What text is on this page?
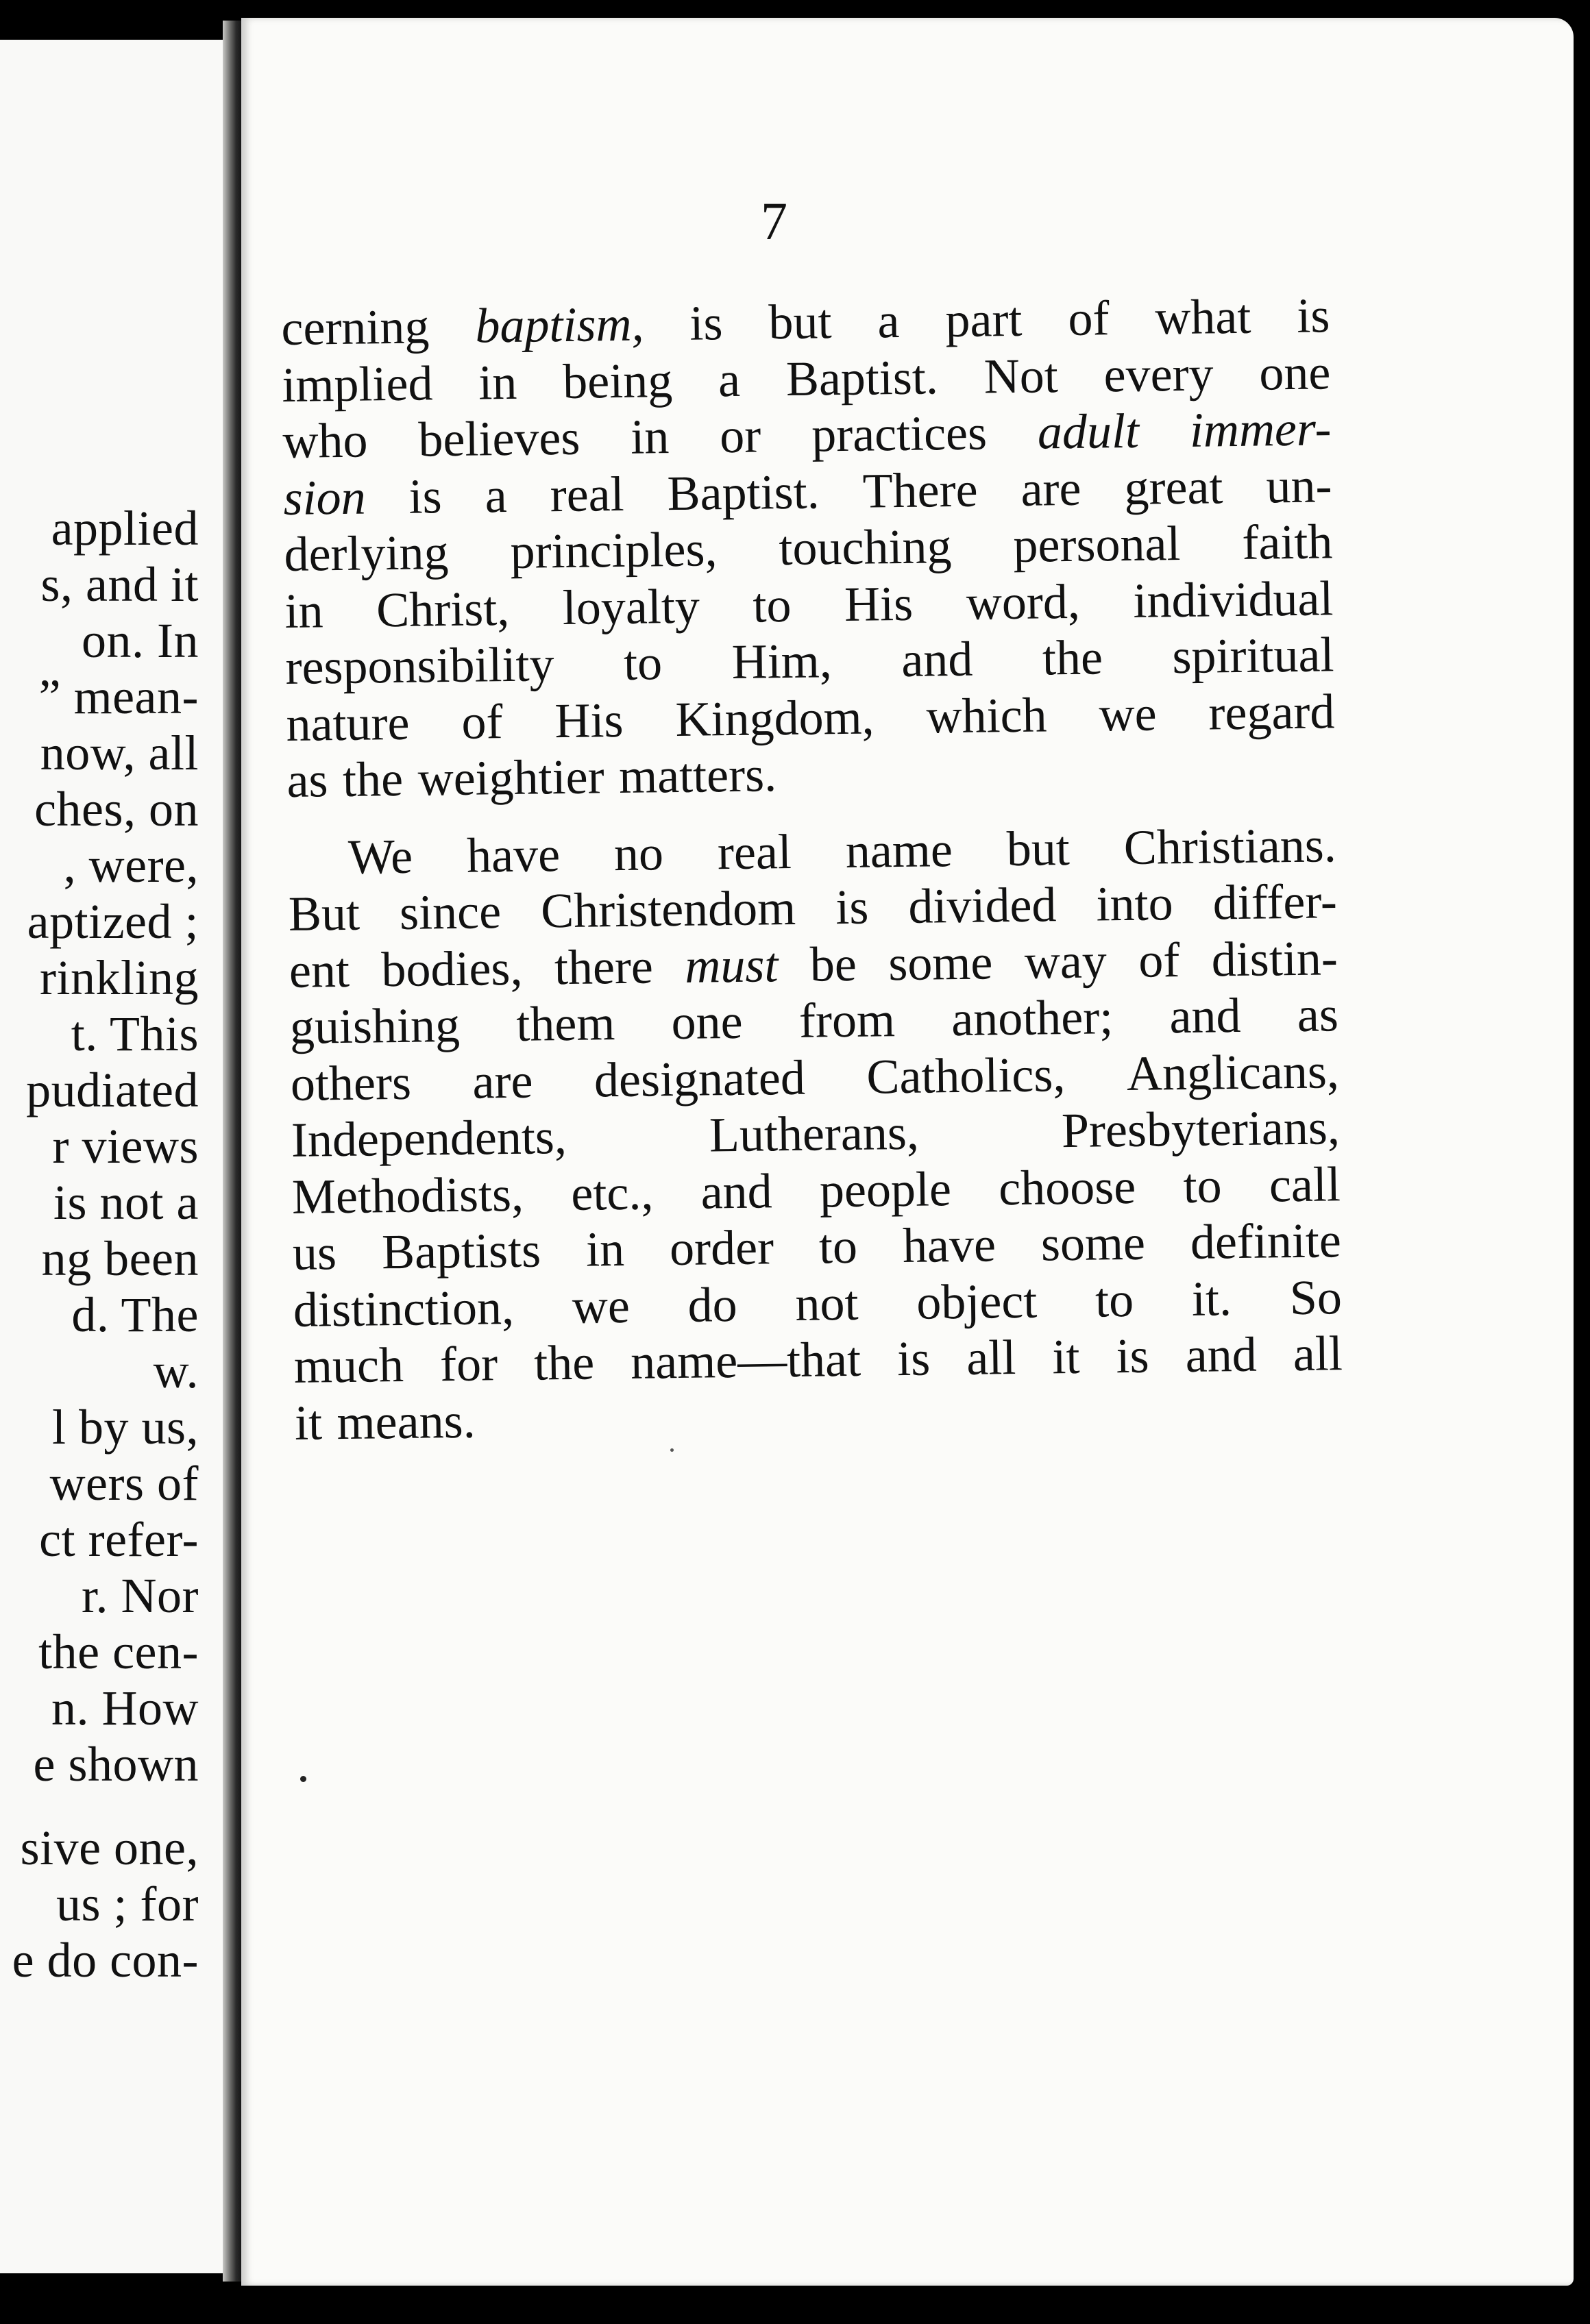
applied
s, and it
on. In
” mean-
now, all
ches, on
, were,
aptized ;
rinkling
t. This
pudiated
r views
is not a
ng been
d. The
w.
l by us,
wers of
ct refer-
r. Nor
the cen-
n. How
e shown
sive one,
us ; for
e do con-
7
cerning baptism, is but a part of what is
implied in being a Baptist. Not every one
who believes in or practices adult immer-
sion is a real Baptist. There are great un-
derlying principles, touching personal faith
in Christ, loyalty to His word, individual
responsibility to Him, and the spiritual
nature of His Kingdom, which we regard
as the weightier matters.
We have no real name but Christians.
But since Christendom is divided into differ-
ent bodies, there must be some way of distin-
guishing them one from another; and as
others are designated Catholics, Anglicans,
Independents,	Lutherans,	Presbyterians,
Methodists, etc., and people choose to call
us Baptists in order to have some definite
distinction, we do not object to it. So
much for the name—that is all it is and all
it means.
